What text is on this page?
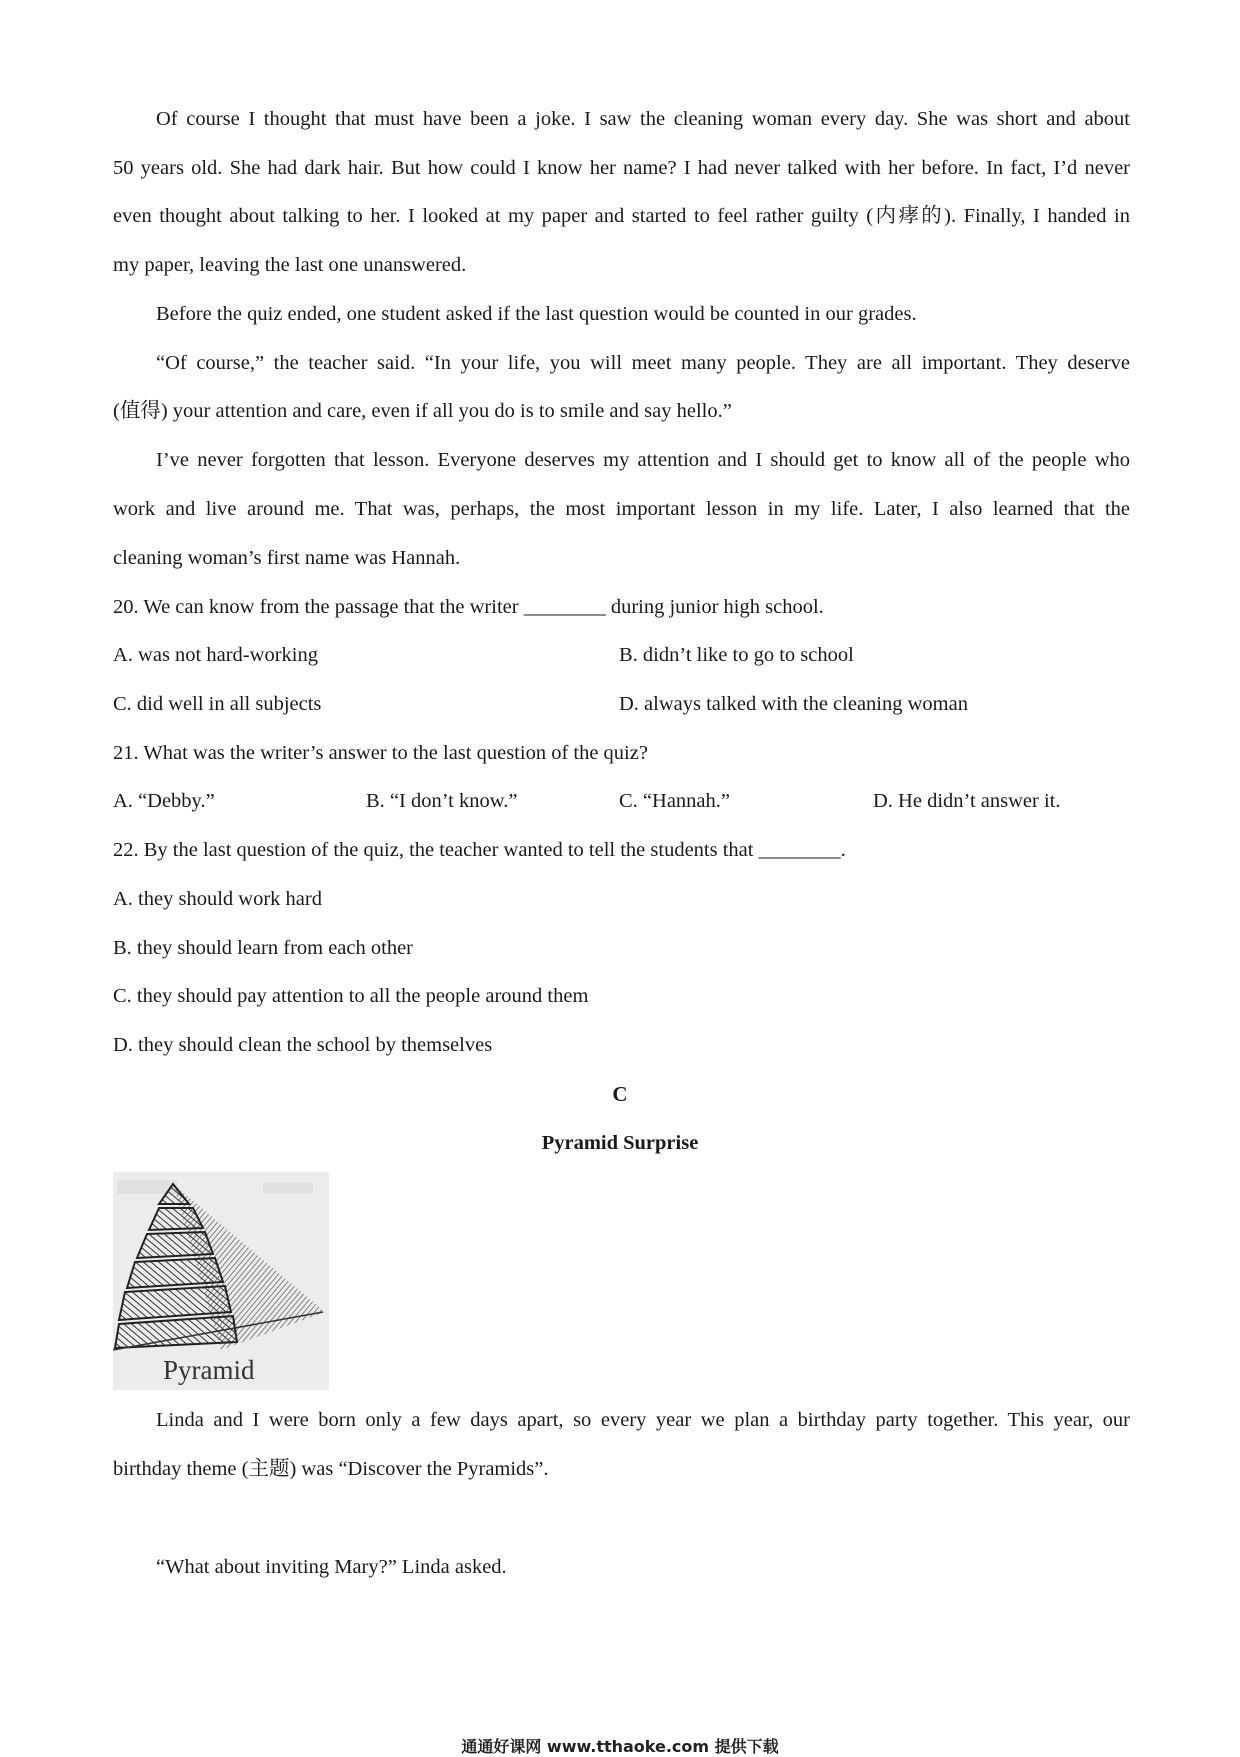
Of course I thought that must have been a joke. I saw the cleaning woman every day. She was short and about
50 years old. She had dark hair. But how could I know her name? I had never talked with her before. In fact, I’d never
even thought about talking to her. I looked at my paper and started to feel rather guilty (内痚的). Finally, I handed in
my paper, leaving the last one unanswered.
Before the quiz ended, one student asked if the last question would be counted in our grades.
“Of course,” the teacher said. “In your life, you will meet many people. They are all important. They deserve
(值得) your attention and care, even if all you do is to smile and say hello.”
I’ve never forgotten that lesson. Everyone deserves my attention and I should get to know all of the people who
work and live around me. That was, perhaps, the most important lesson in my life. Later, I also learned that the
cleaning woman’s first name was Hannah.
20. We can know from the passage that the writer ________ during junior high school.
A. was not hard-working	B. didn’t like to go to school
C. did well in all subjects	D. always talked with the cleaning woman
21. What was the writer’s answer to the last question of the quiz?
A. “Debby.”	B. “I don’t know.”	C. “Hannah.”	D. He didn’t answer it.
22. By the last question of the quiz, the teacher wanted to tell the students that ________.
A. they should work hard
B. they should learn from each other
C. they should pay attention to all the people around them
D. they should clean the school by themselves
C
Pyramid Surprise
Pyramid
Linda and I were born only a few days apart, so every year we plan a birthday party together. This year, our
birthday theme (主题) was “Discover the Pyramids”.
“What about inviting Mary?” Linda asked.
通通好课网 www.tthaoke.com 提供下载
